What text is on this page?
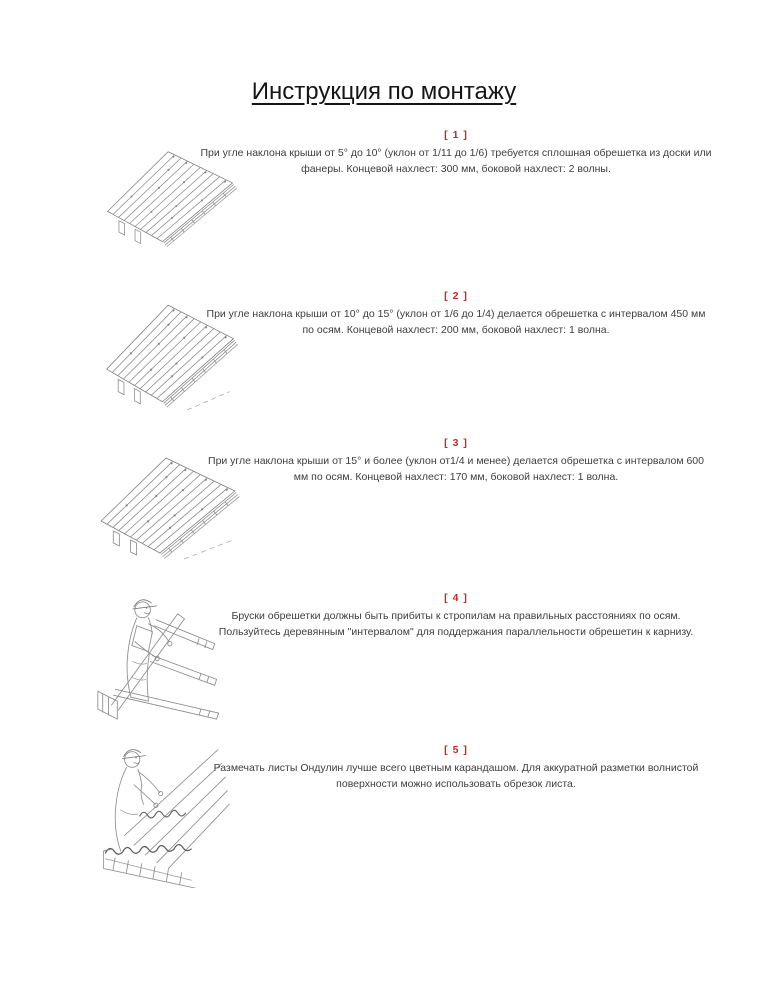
Инструкция по монтажу
[ 1 ]

При угле наклона крыши от 5° до 10° (уклон от 1/11 до 1/6) требуется сплошная обрешетка из доски или фанеры. Концевой нахлест: 300 мм, боковой нахлест: 2 волны.

[ 2 ]

При угле наклона крыши от 10° до 15° (уклон от 1/6 до 1/4) делается обрешетка с интервалом 450 мм по осям. Концевой нахлест: 200 мм, боковой нахлест: 1 волна.

[ 3 ]

При угле наклона крыши от 15° и более (уклон от1/4 и менее) делается обрешетка с интервалом 600 мм по осям. Концевой нахлест: 170 мм, боковой нахлест: 1 волна.

[ 4 ]

Бруски обрешетки должны быть прибиты к стропилам на правильных расстояниях по осям. Пользуйтесь деревянным "интервалом" для поддержания параллельности обрешетин к карнизу.

[ 5 ]

Размечать листы Ондулин лучше всего цветным карандашом. Для аккуратной разметки волнистой поверхности можно использовать обрезок листа.
